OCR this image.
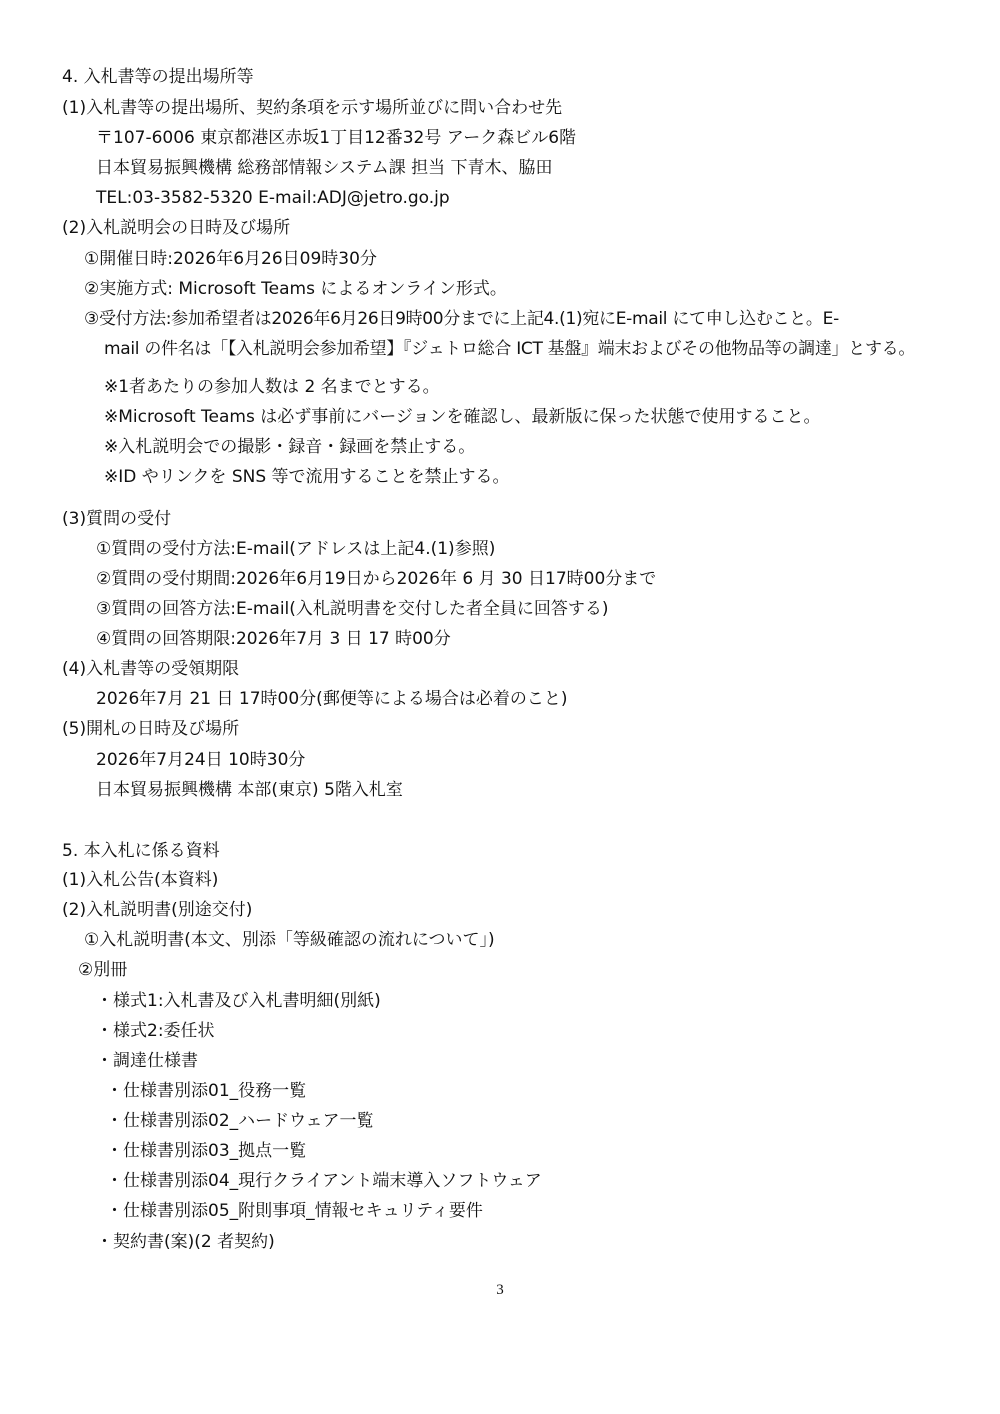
4. 入札書等の提出場所等
(1)入札書等の提出場所、契約条項を示す場所並びに問い合わせ先
〒107-6006 東京都港区赤坂1丁目12番32号 アーク森ビル6階
日本貿易振興機構 総務部情報システム課 担当 下青木、脇田
TEL:03-3582-5320 E-mail:ADJ@jetro.go.jp
(2)入札説明会の日時及び場所
①開催日時:2026年6月26日09時30分
②実施方式: Microsoft Teams によるオンライン形式。
③受付方法:参加希望者は2026年6月26日9時00分までに上記4.(1)宛にE-mail にて申し込むこと。E-
mail の件名は「【入札説明会参加希望】『ジェトロ総合 ICT 基盤』端末およびその他物品等の調達」とする。
※1者あたりの参加人数は 2 名までとする。
※Microsoft Teams は必ず事前にバージョンを確認し、最新版に保った状態で使用すること。
※入札説明会での撮影・録音・録画を禁止する。
※ID やリンクを SNS 等で流用することを禁止する。
(3)質問の受付
①質問の受付方法:E-mail(アドレスは上記4.(1)参照)
②質問の受付期間:2026年6月19日から2026年 6 月 30 日17時00分まで
③質問の回答方法:E-mail(入札説明書を交付した者全員に回答する)
④質問の回答期限:2026年7月 3 日 17 時00分
(4)入札書等の受領期限
2026年7月 21 日 17時00分(郵便等による場合は必着のこと)
(5)開札の日時及び場所
2026年7月24日 10時30分
日本貿易振興機構 本部(東京) 5階入札室
5. 本入札に係る資料
(1)入札公告(本資料)
(2)入札説明書(別途交付)
①入札説明書(本文、別添「等級確認の流れについて」)
②別冊
・様式1:入札書及び入札書明細(別紙)
・様式2:委任状
・調達仕様書
・仕様書別添01_役務一覧
・仕様書別添02_ハードウェア一覧
・仕様書別添03_拠点一覧
・仕様書別添04_現行クライアント端末導入ソフトウェア
・仕様書別添05_附則事項_情報セキュリティ要件
・契約書(案)(2 者契約)
3
